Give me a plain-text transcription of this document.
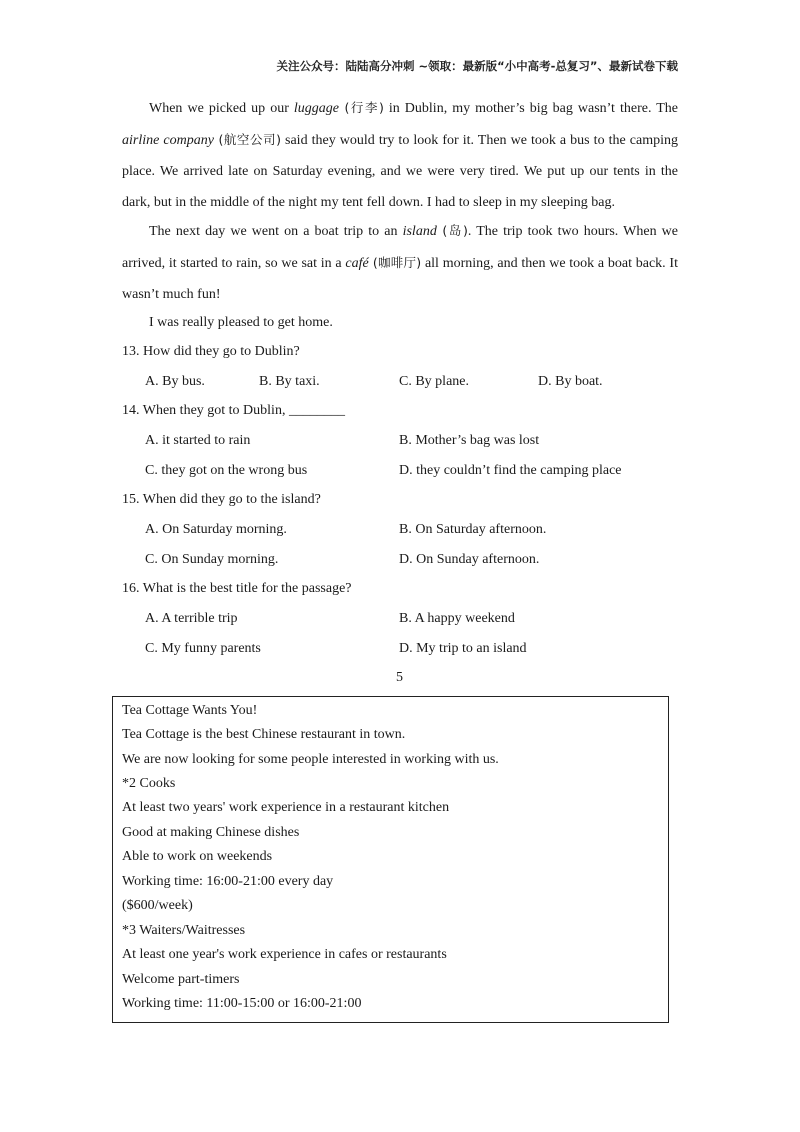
关注公众号：陆陆高分冲刺 ~领取：最新版“小中高考-总复习”、最新试卷下载

When we picked up our luggage (行李) in Dublin, my mother’s big bag wasn’t there. The airline company (航空公司) said they would try to look for it. Then we took a bus to the camping place. We arrived late on Saturday evening, and we were very tired. We put up our tents in the dark, but in the middle of the night my tent fell down. I had to sleep in my sleeping bag.

The next day we went on a boat trip to an island (岛). The trip took two hours. When we arrived, it started to rain, so we sat in a café (咖啡厅) all morning, and then we took a boat back. It wasn’t much fun!

I was really pleased to get home.

13. How did they go to Dublin?
A. By bus.	B. By taxi.	C. By plane.	D. By boat.
14. When they got to Dublin, ________
A. it started to rain	B. Mother’s bag was lost
C. they got on the wrong bus	D. they couldn’t find the camping place
15. When did they go to the island?
A. On Saturday morning.	B. On Saturday afternoon.
C. On Sunday morning.	D. On Sunday afternoon.
16. What is the best title for the passage?
A. A terrible trip	B. A happy weekend
C. My funny parents	D. My trip to an island
5
Tea Cottage Wants You!
Tea Cottage is the best Chinese restaurant in town.
We are now looking for some people interested in working with us.
*2 Cooks
At least two years' work experience in a restaurant kitchen
Good at making Chinese dishes
Able to work on weekends
Working time: 16:00-21:00 every day
($600/week)
*3 Waiters/Waitresses
At least one year's work experience in cafes or restaurants
Welcome part-timers
Working time: 11:00-15:00 or 16:00-21:00
